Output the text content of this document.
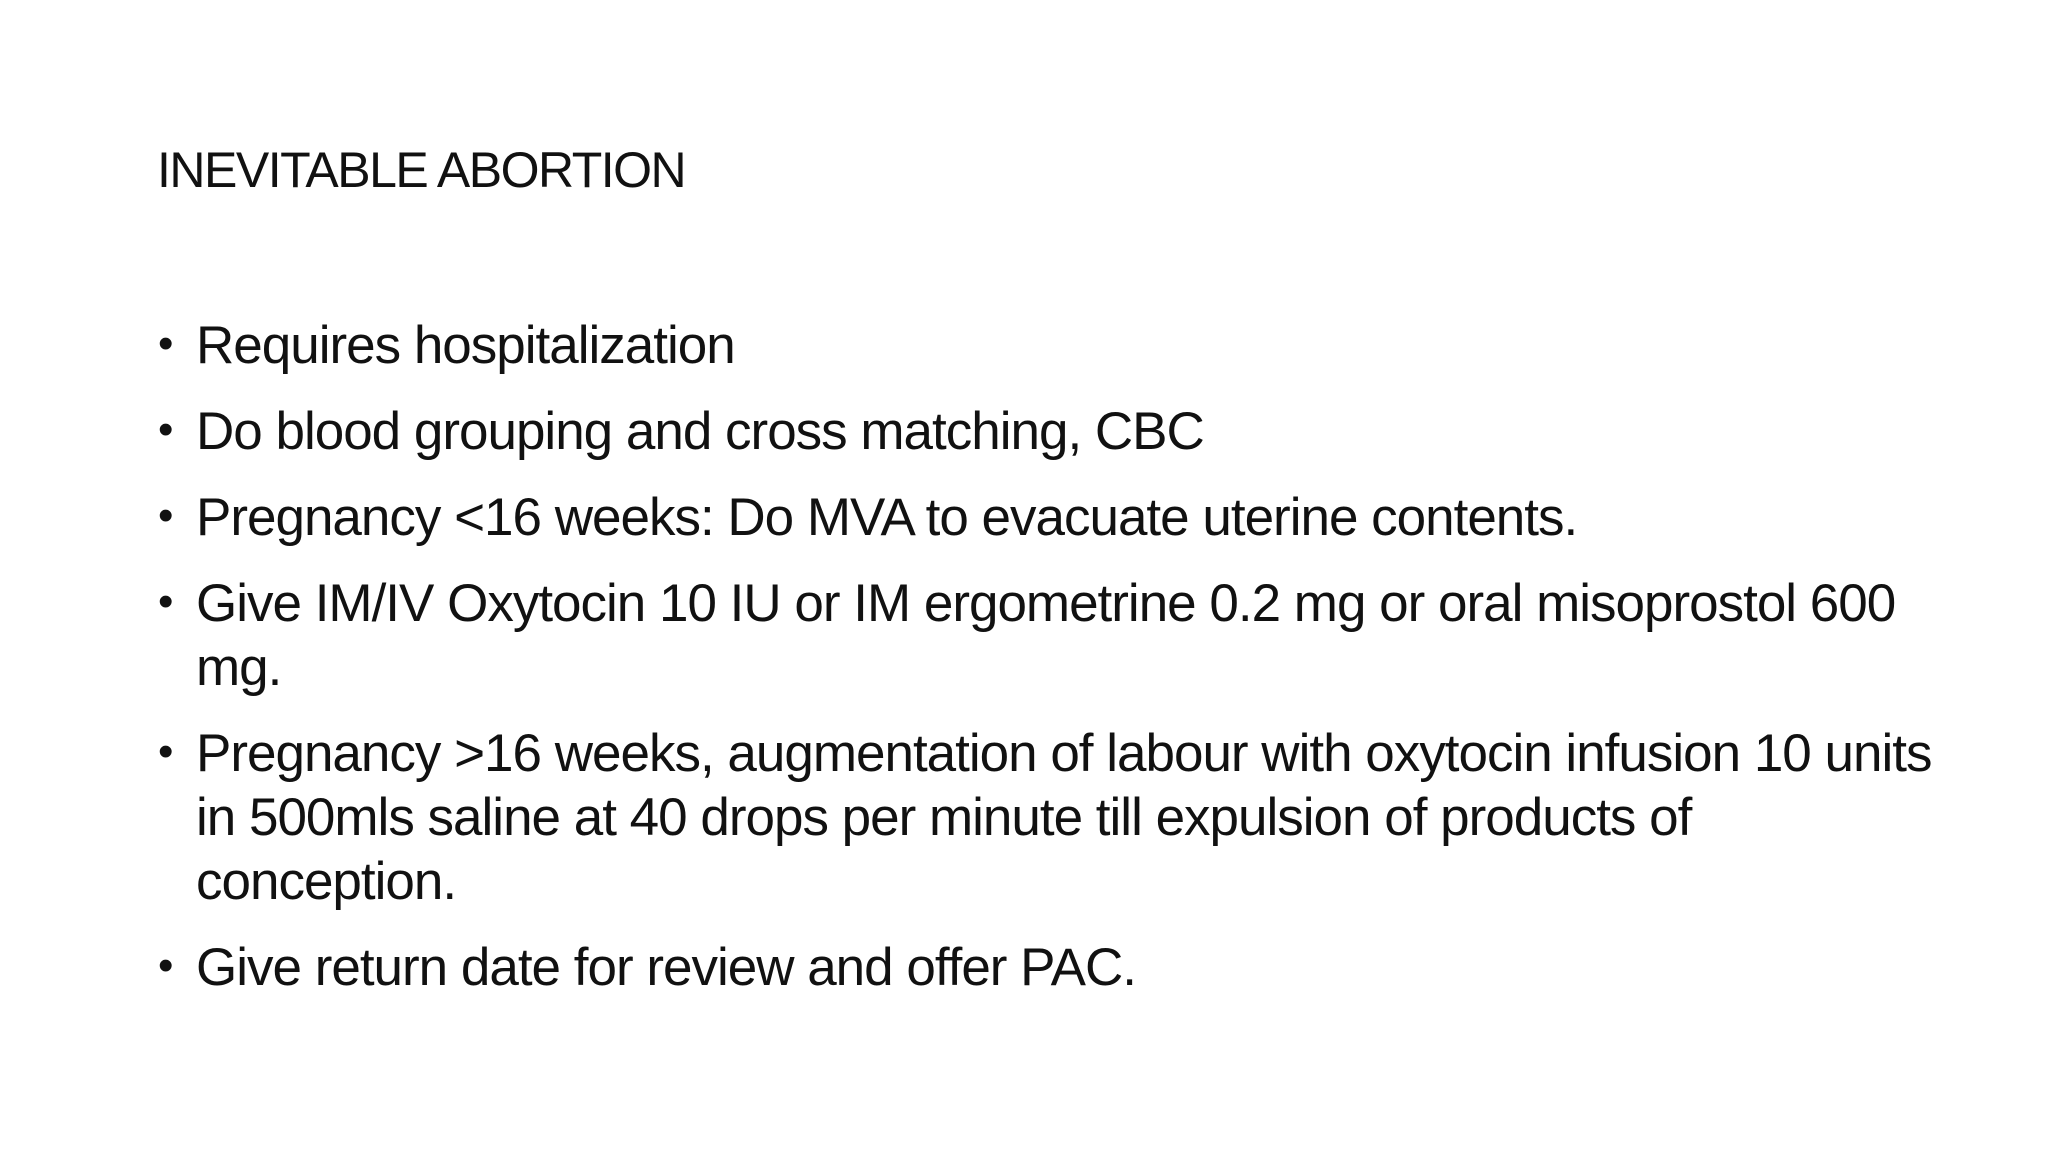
INEVITABLE ABORTION
• Requires hospitalization
• Do blood grouping and cross matching, CBC
• Pregnancy <16 weeks: Do MVA to evacuate uterine contents.
• Give IM/IV Oxytocin 10 IU or IM ergometrine 0.2 mg or oral misoprostol 600 mg.
• Pregnancy >16 weeks, augmentation of labour with oxytocin infusion 10 units in 500mls saline at 40 drops per minute till expulsion of products of conception.
• Give return date for review and offer PAC.
